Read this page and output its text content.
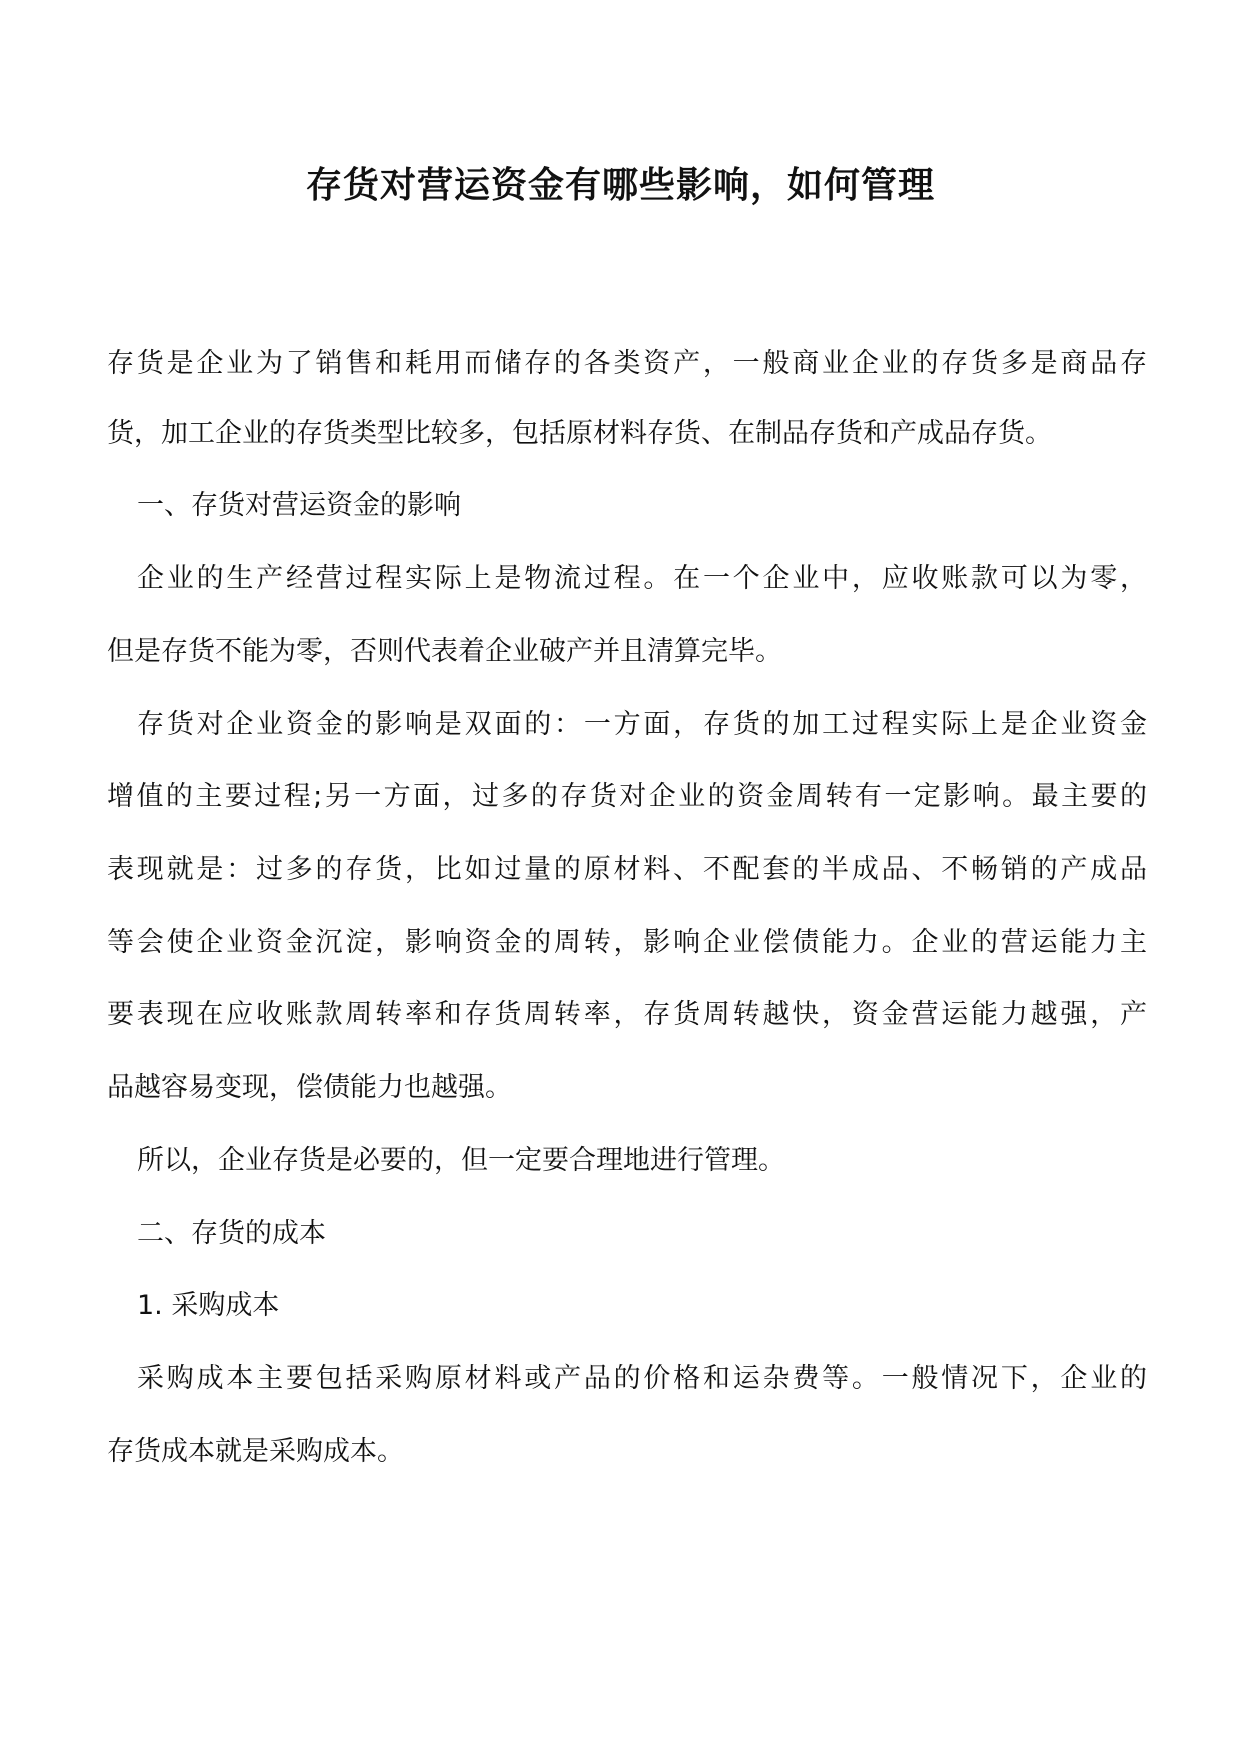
存货对营运资金有哪些影响，如何管理
存货是企业为了销售和耗用而储存的各类资产，一般商业企业的存货多是商品存
货，加工企业的存货类型比较多，包括原材料存货、在制品存货和产成品存货。
一、存货对营运资金的影响
企业的生产经营过程实际上是物流过程。在一个企业中，应收账款可以为零，
但是存货不能为零，否则代表着企业破产并且清算完毕。
存货对企业资金的影响是双面的：一方面，存货的加工过程实际上是企业资金
增值的主要过程;另一方面，过多的存货对企业的资金周转有一定影响。最主要的
表现就是：过多的存货，比如过量的原材料、不配套的半成品、不畅销的产成品
等会使企业资金沉淀，影响资金的周转，影响企业偿债能力。企业的营运能力主
要表现在应收账款周转率和存货周转率，存货周转越快，资金营运能力越强，产
品越容易变现，偿债能力也越强。
所以，企业存货是必要的，但一定要合理地进行管理。
二、存货的成本
1. 采购成本
采购成本主要包括采购原材料或产品的价格和运杂费等。一般情况下，企业的
存货成本就是采购成本。
